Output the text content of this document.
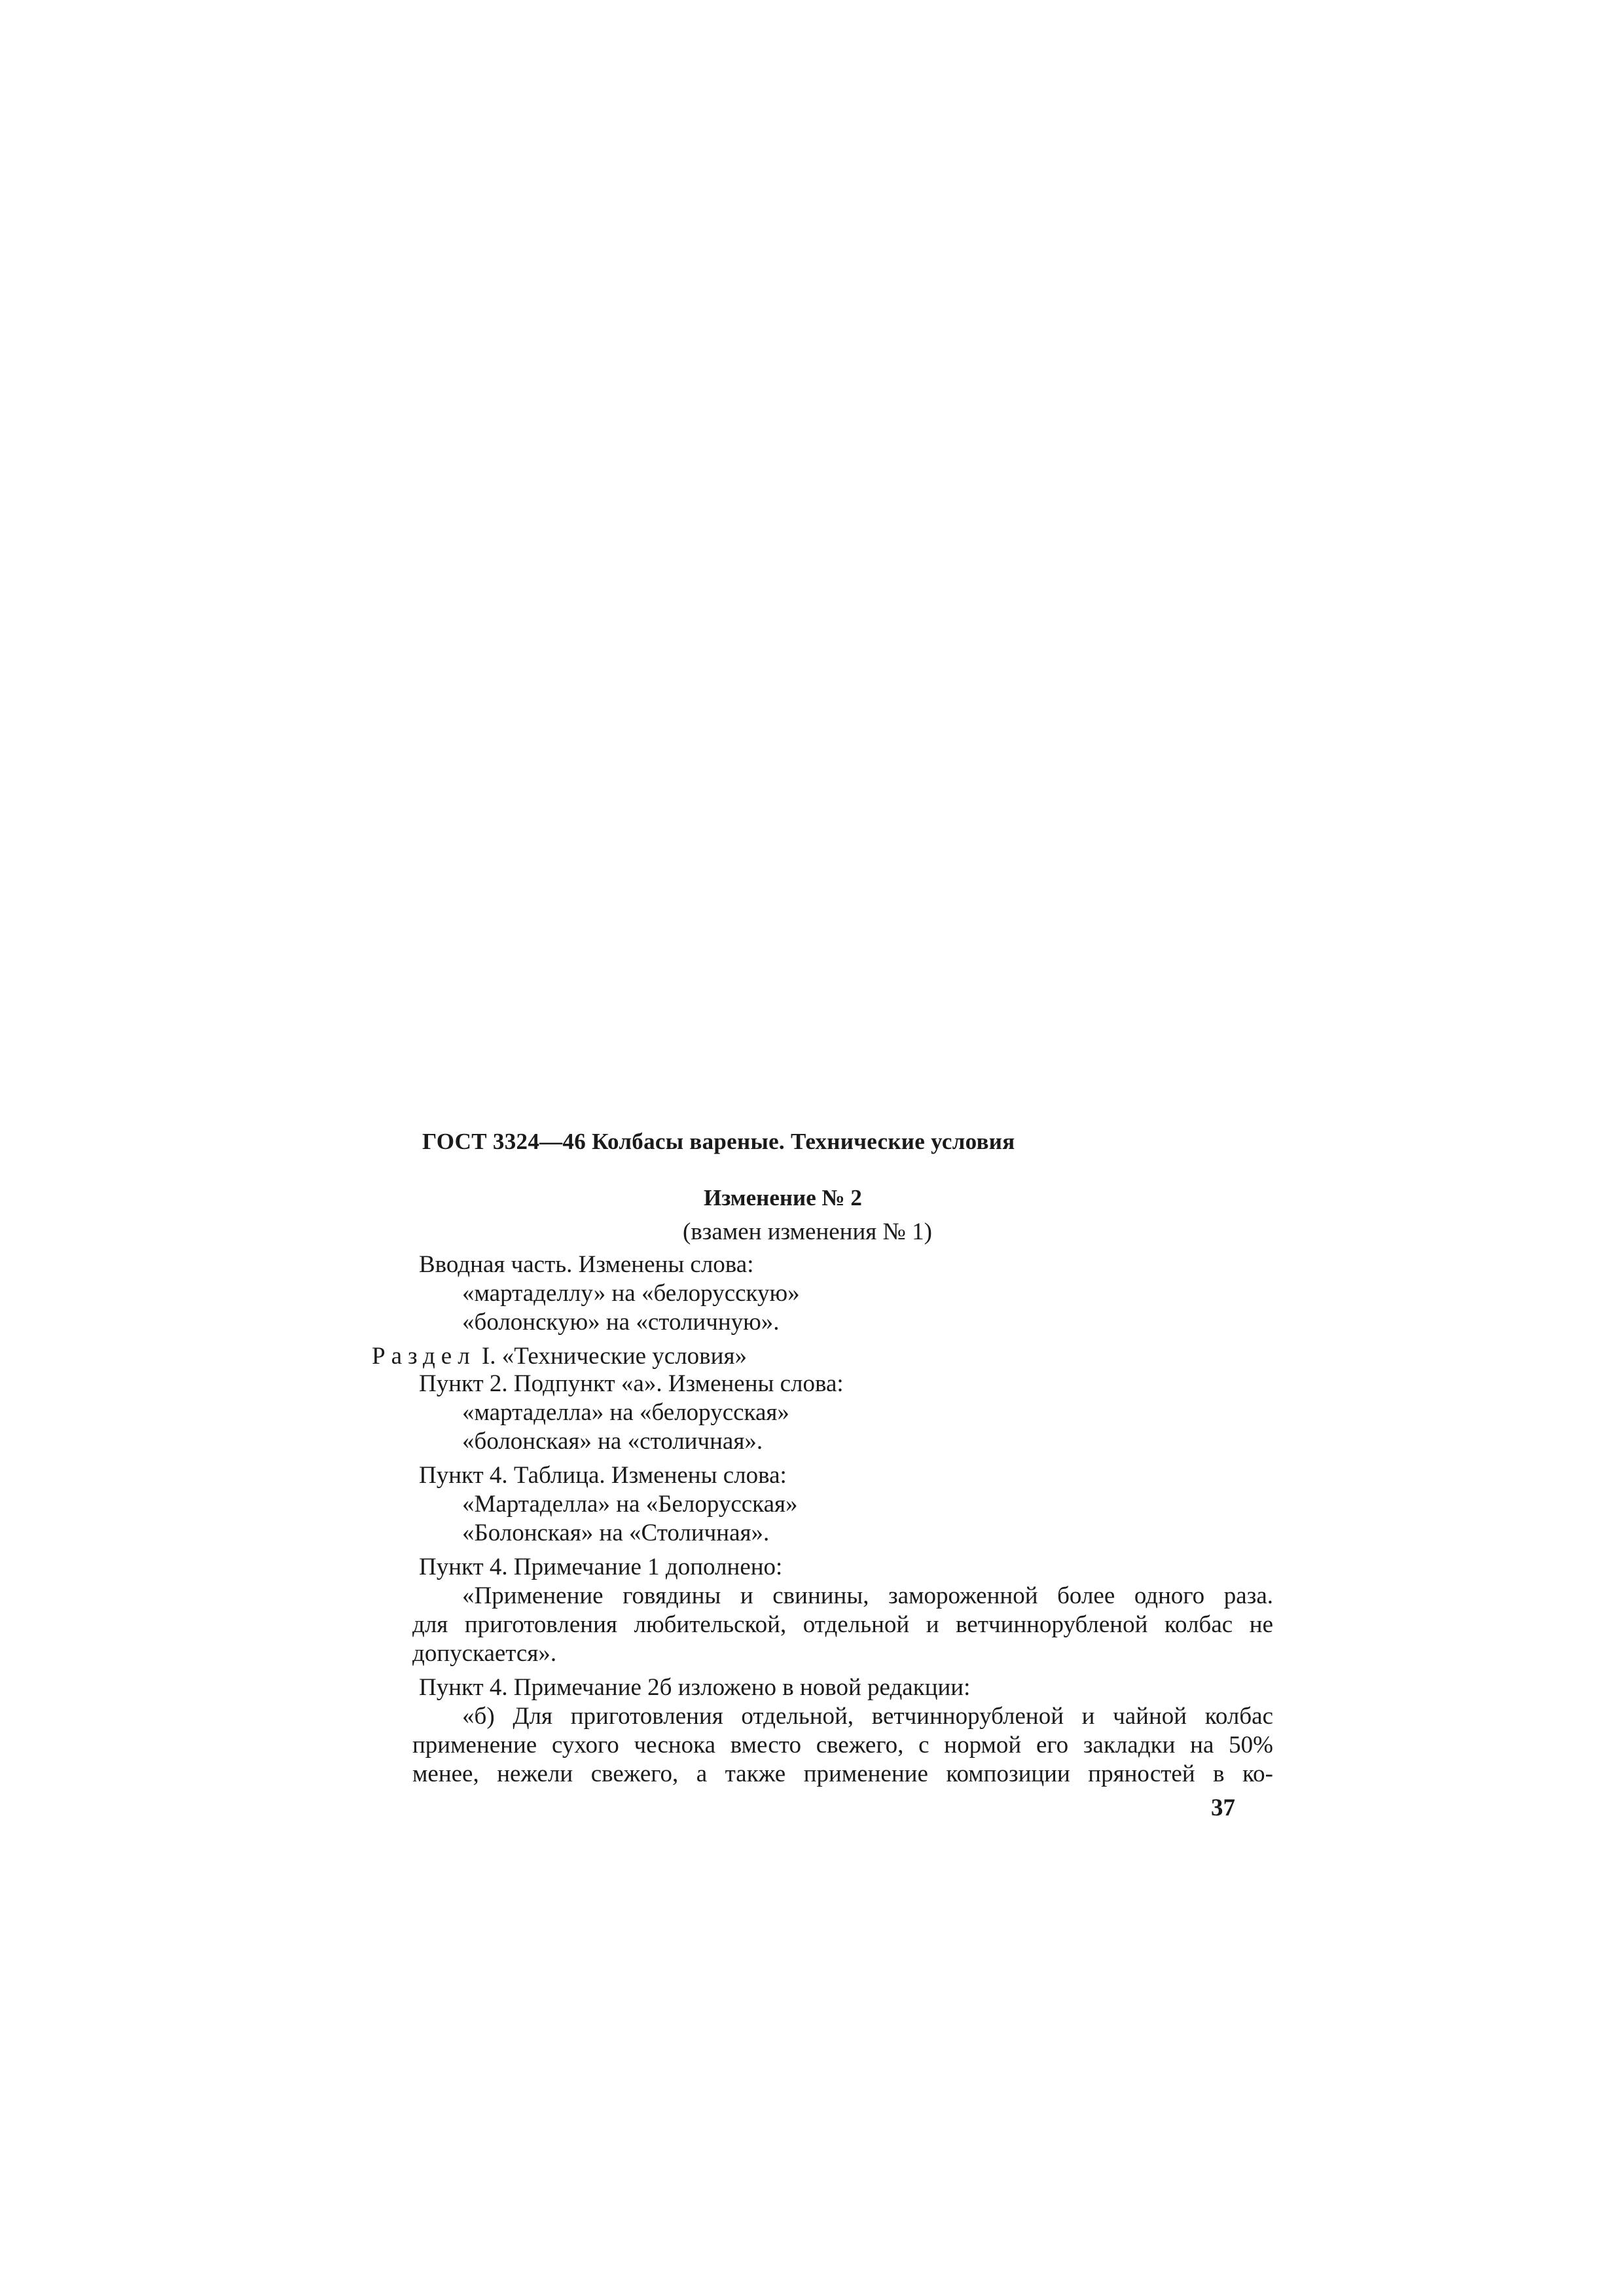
ГОСТ 3324—46 Колбасы вареные. Технические условия
Изменение № 2
(взамен изменения № 1)
Вводная часть. Изменены слова:
«мартаделлу» на «белорусскую»
«болонскую» на «столичную».
Раздел I. «Технические условия»
Пункт 2. Подпункт «а». Изменены слова:
«мартаделла» на «белорусская»
«болонская» на «столичная».
Пункт 4. Таблица. Изменены слова:
«Мартаделла» на «Белорусская»
«Болонская» на «Столичная».
Пункт 4. Примечание 1 дополнено:
«Применение говядины и свинины, замороженной более одного раза.
для приготовления любительской, отдельной и ветчиннорубленой колбас не
допускается».
Пункт 4. Примечание 2б изложено в новой редакции:
«б) Для приготовления отдельной, ветчиннорубленой и чайной колбас
применение сухого чеснока вместо свежего, с нормой его закладки на 50%
менее, нежели свежего, а также применение композиции пряностей в ко-
37
